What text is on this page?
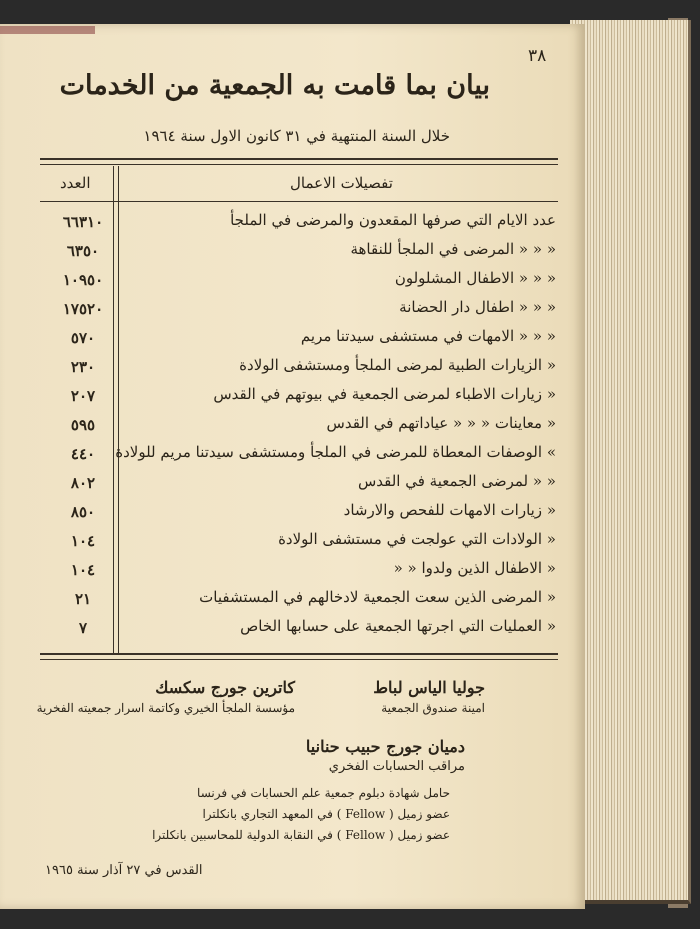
٣٨
بيان بما قامت به الجمعية من الخدمات
خلال السنة المنتهية في ٣١ كانون الاول سنة ١٩٦٤
تفصيلات الاعمال
العدد
عدد الايام التي صرفها المقعدون والمرضى في الملجأ
٦٦٣١٠
« « « المرضى في الملجأ للنقاهة
٦٣٥٠
« « « الاطفال المشلولون
١٠٩٥٠
« « « اطفال دار الحضانة
١٧٥٢٠
« « « الامهات في مستشفى سيدتنا مريم
٥٧٠
« الزيارات الطبية لمرضى الملجأ ومستشفى الولادة
٢٣٠
« زيارات الاطباء لمرضى الجمعية في بيوتهم في القدس
٢٠٧
« معاينات « « « عياداتهم في القدس
٥٩٥
» الوصفات المعطاة للمرضى في الملجأ ومستشفى سيدتنا مريم للولادة
٤٤٠
« « لمرضى الجمعية في القدس
٨٠٢
« زيارات الامهات للفحص والارشاد
٨٥٠
« الولادات التي عولجت في مستشفى الولادة
١٠٤
« الاطفال الذين ولدوا « «
١٠٤
« المرضى الذين سعت الجمعية لادخالهم في المستشفيات
٢١
« العمليات التي اجرتها الجمعية على حسابها الخاص
٧
جوليا الياس لباط
امينة صندوق الجمعية
كاترين جورج سكسك
مؤسسة الملجأ الخيري وكاتمة اسرار جمعيته الفخرية
دميان جورج حبيب حنانيا
مراقب الحسابات الفخري
حامل شهادة دبلوم جمعية علم الحسابات في فرنسا
عضو زميل ( Fellow ) في المعهد التجاري بانكلترا
عضو زميل ( Fellow ) في النقابة الدولية للمحاسبين بانكلترا
القدس في ٢٧ آذار سنة ١٩٦٥
